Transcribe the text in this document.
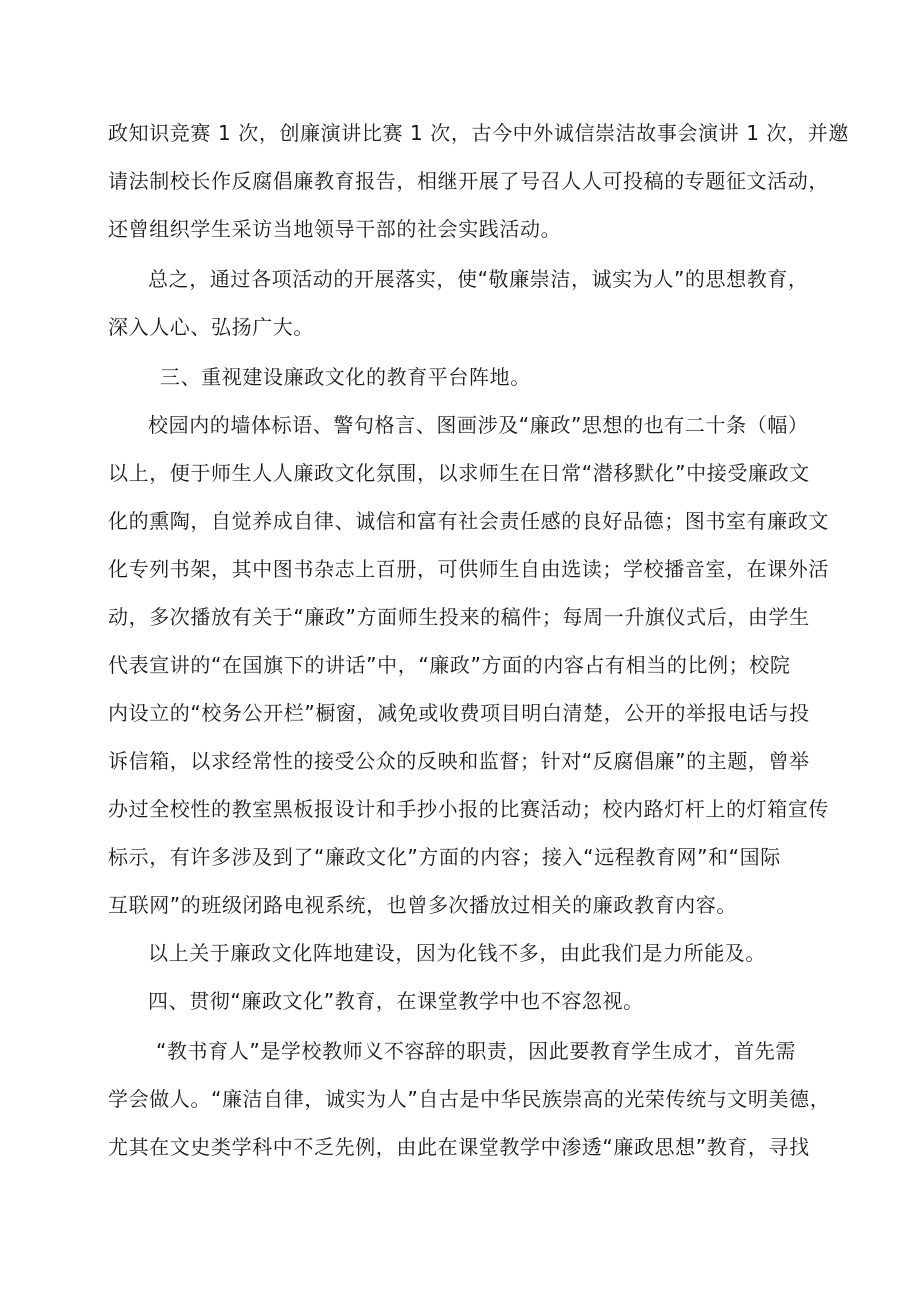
政知识竞赛 1 次，创廉演讲比赛 1 次，古今中外诚信崇洁故事会演讲 1 次，并邀
请法制校长作反腐倡廉教育报告，相继开展了号召人人可投稿的专题征文活动，
还曾组织学生采访当地领导干部的社会实践活动。
总之，通过各项活动的开展落实，使“敬廉崇洁，诚实为人”的思想教育，
深入人心、弘扬广大。
三、重视建设廉政文化的教育平台阵地。
校园内的墙体标语、警句格言、图画涉及“廉政”思想的也有二十条（幅）
以上，便于师生人人廉政文化氛围，以求师生在日常“潜移默化”中接受廉政文
化的熏陶，自觉养成自律、诚信和富有社会责任感的良好品德；图书室有廉政文
化专列书架，其中图书杂志上百册，可供师生自由选读；学校播音室，在课外活
动，多次播放有关于“廉政”方面师生投来的稿件；每周一升旗仪式后，由学生
代表宣讲的“在国旗下的讲话”中，“廉政”方面的内容占有相当的比例；校院
内设立的“校务公开栏”橱窗，减免或收费项目明白清楚，公开的举报电话与投
诉信箱，以求经常性的接受公众的反映和监督；针对“反腐倡廉”的主题，曾举
办过全校性的教室黑板报设计和手抄小报的比赛活动；校内路灯杆上的灯箱宣传
标示，有许多涉及到了“廉政文化”方面的内容；接入“远程教育网”和“国际
互联网”的班级闭路电视系统，也曾多次播放过相关的廉政教育内容。
以上关于廉政文化阵地建设，因为化钱不多，由此我们是力所能及。
四、贯彻“廉政文化”教育，在课堂教学中也不容忽视。
“教书育人”是学校教师义不容辞的职责，因此要教育学生成才，首先需
学会做人。“廉洁自律，诚实为人”自古是中华民族崇高的光荣传统与文明美德，
尤其在文史类学科中不乏先例，由此在课堂教学中渗透“廉政思想”教育，寻找
